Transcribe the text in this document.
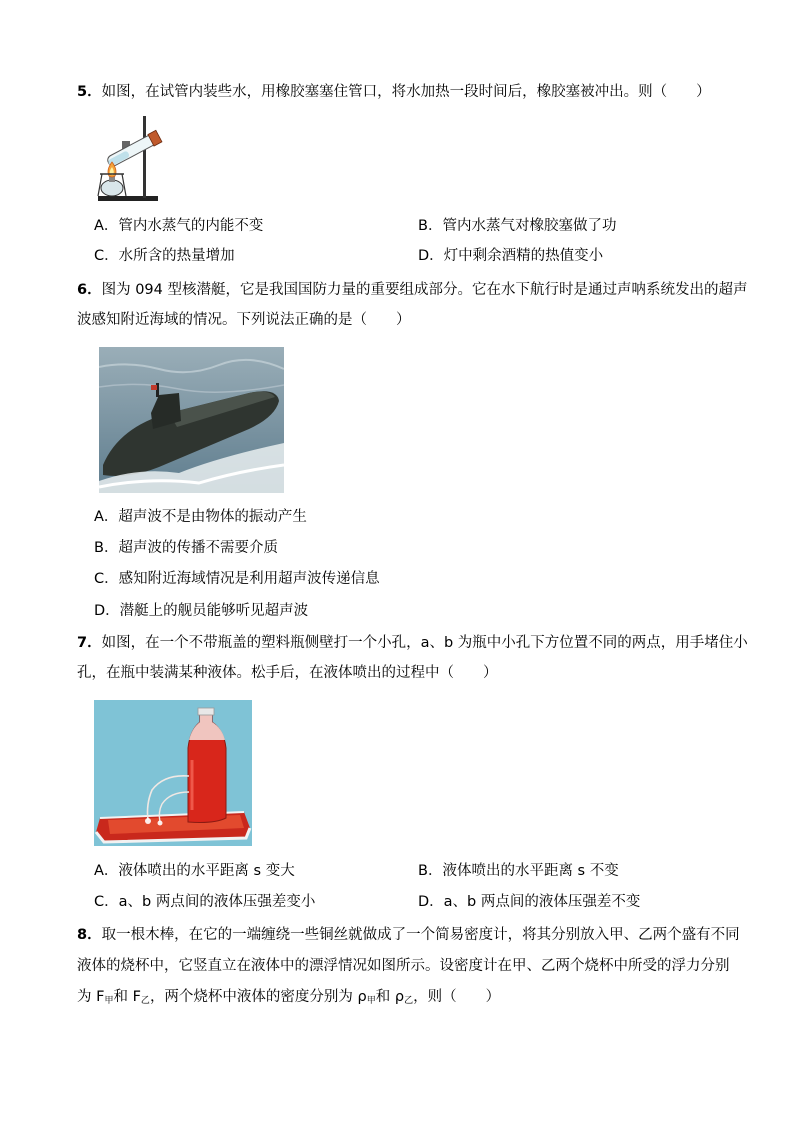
5．如图，在试管内装些水，用橡胶塞塞住管口，将水加热一段时间后，橡胶塞被冲出。则（　　）
A．管内水蒸气的内能不变	B．管内水蒸气对橡胶塞做了功
C．水所含的热量增加	D．灯中剩余酒精的热值变小
6．图为 094 型核潜艇，它是我国国防力量的重要组成部分。它在水下航行时是通过声呐系统发出的超声
波感知附近海域的情况。下列说法正确的是（　　）
A．超声波不是由物体的振动产生
B．超声波的传播不需要介质
C．感知附近海域情况是利用超声波传递信息
D．潜艇上的舰员能够听见超声波
7．如图，在一个不带瓶盖的塑料瓶侧壁打一个小孔，a、b 为瓶中小孔下方位置不同的两点，用手堵住小
孔，在瓶中装满某种液体。松手后，在液体喷出的过程中（　　）
A．液体喷出的水平距离 s 变大	B．液体喷出的水平距离 s 不变
C．a、b 两点间的液体压强差变小	D．a、b 两点间的液体压强差不变
8．取一根木棒，在它的一端缠绕一些铜丝就做成了一个简易密度计，将其分别放入甲、乙两个盛有不同
液体的烧杯中，它竖直立在液体中的漂浮情况如图所示。设密度计在甲、乙两个烧杯中所受的浮力分别
为 $F_甲$和 $F_乙$，两个烧杯中液体的密度分别为 $\rho_甲$和 $\rho_乙$，则（　　）
